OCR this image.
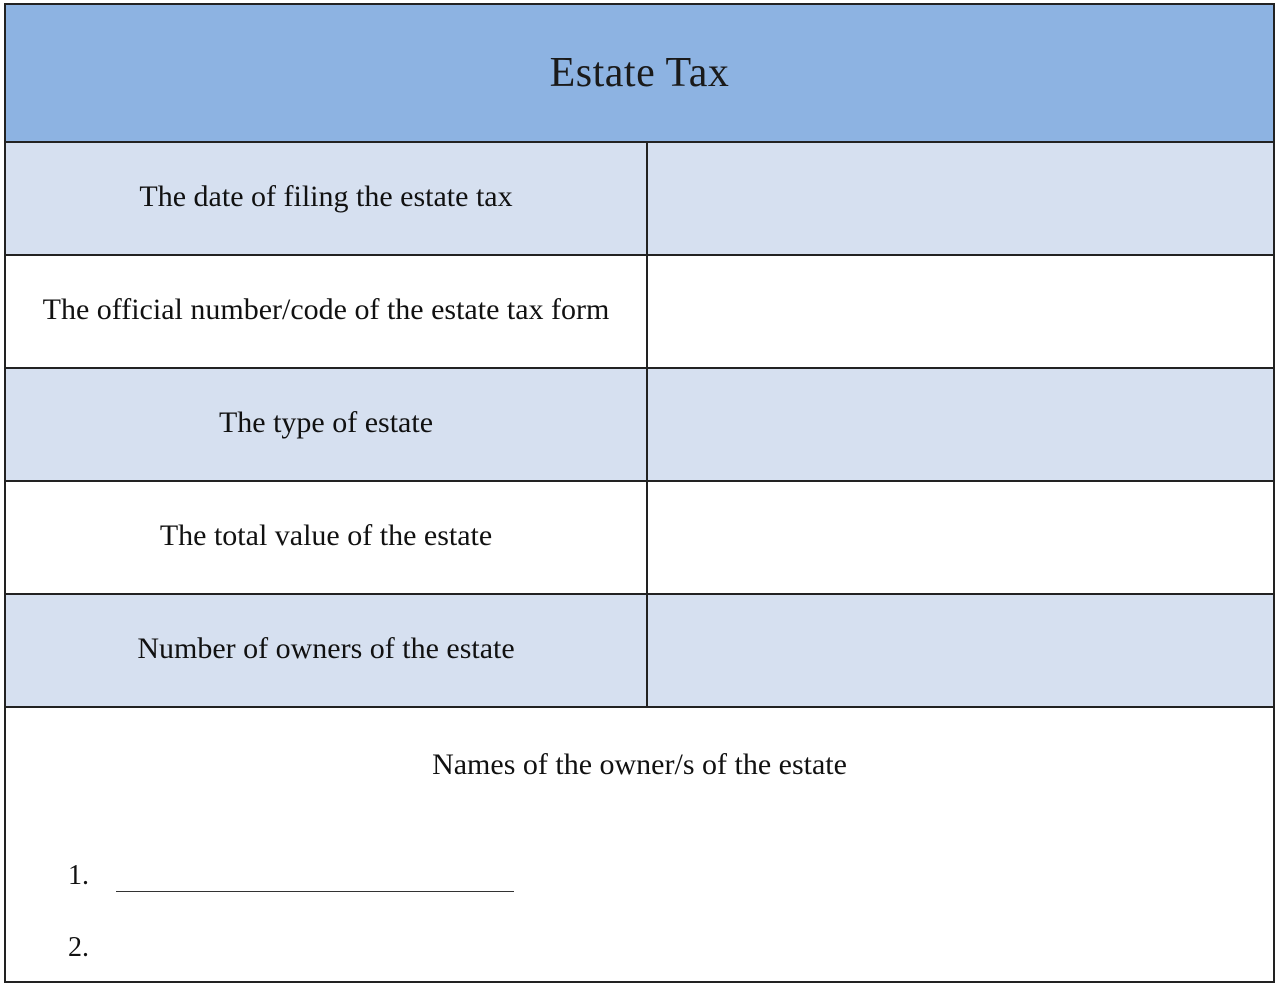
Estate Tax
The date of filing the estate tax
The official number/code of the estate tax form
The type of estate
The total value of the estate
Number of owners of the estate
Names of the owner/s of the estate
1.
2.
